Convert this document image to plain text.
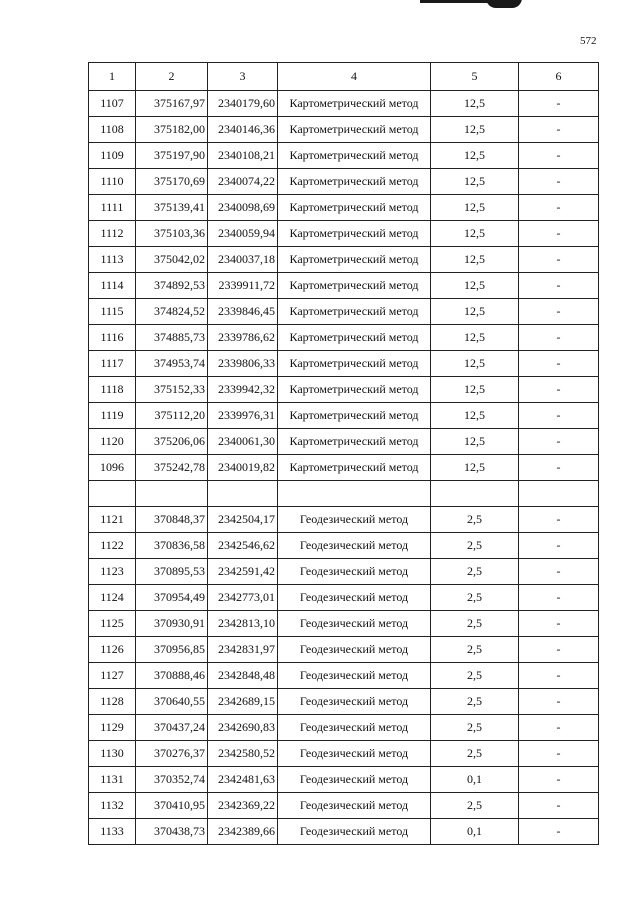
572
1	2	3	4	5	6
1107	375167,97	2340179,60	Картометрический метод	12,5	-
1108	375182,00	2340146,36	Картометрический метод	12,5	-
1109	375197,90	2340108,21	Картометрический метод	12,5	-
1110	375170,69	2340074,22	Картометрический метод	12,5	-
1111	375139,41	2340098,69	Картометрический метод	12,5	-
1112	375103,36	2340059,94	Картометрический метод	12,5	-
1113	375042,02	2340037,18	Картометрический метод	12,5	-
1114	374892,53	2339911,72	Картометрический метод	12,5	-
1115	374824,52	2339846,45	Картометрический метод	12,5	-
1116	374885,73	2339786,62	Картометрический метод	12,5	-
1117	374953,74	2339806,33	Картометрический метод	12,5	-
1118	375152,33	2339942,32	Картометрический метод	12,5	-
1119	375112,20	2339976,31	Картометрический метод	12,5	-
1120	375206,06	2340061,30	Картометрический метод	12,5	-
1096	375242,78	2340019,82	Картометрический метод	12,5	-

1121	370848,37	2342504,17	Геодезический метод	2,5	-
1122	370836,58	2342546,62	Геодезический метод	2,5	-
1123	370895,53	2342591,42	Геодезический метод	2,5	-
1124	370954,49	2342773,01	Геодезический метод	2,5	-
1125	370930,91	2342813,10	Геодезический метод	2,5	-
1126	370956,85	2342831,97	Геодезический метод	2,5	-
1127	370888,46	2342848,48	Геодезический метод	2,5	-
1128	370640,55	2342689,15	Геодезический метод	2,5	-
1129	370437,24	2342690,83	Геодезический метод	2,5	-
1130	370276,37	2342580,52	Геодезический метод	2,5	-
1131	370352,74	2342481,63	Геодезический метод	0,1	-
1132	370410,95	2342369,22	Геодезический метод	2,5	-
1133	370438,73	2342389,66	Геодезический метод	0,1	-
